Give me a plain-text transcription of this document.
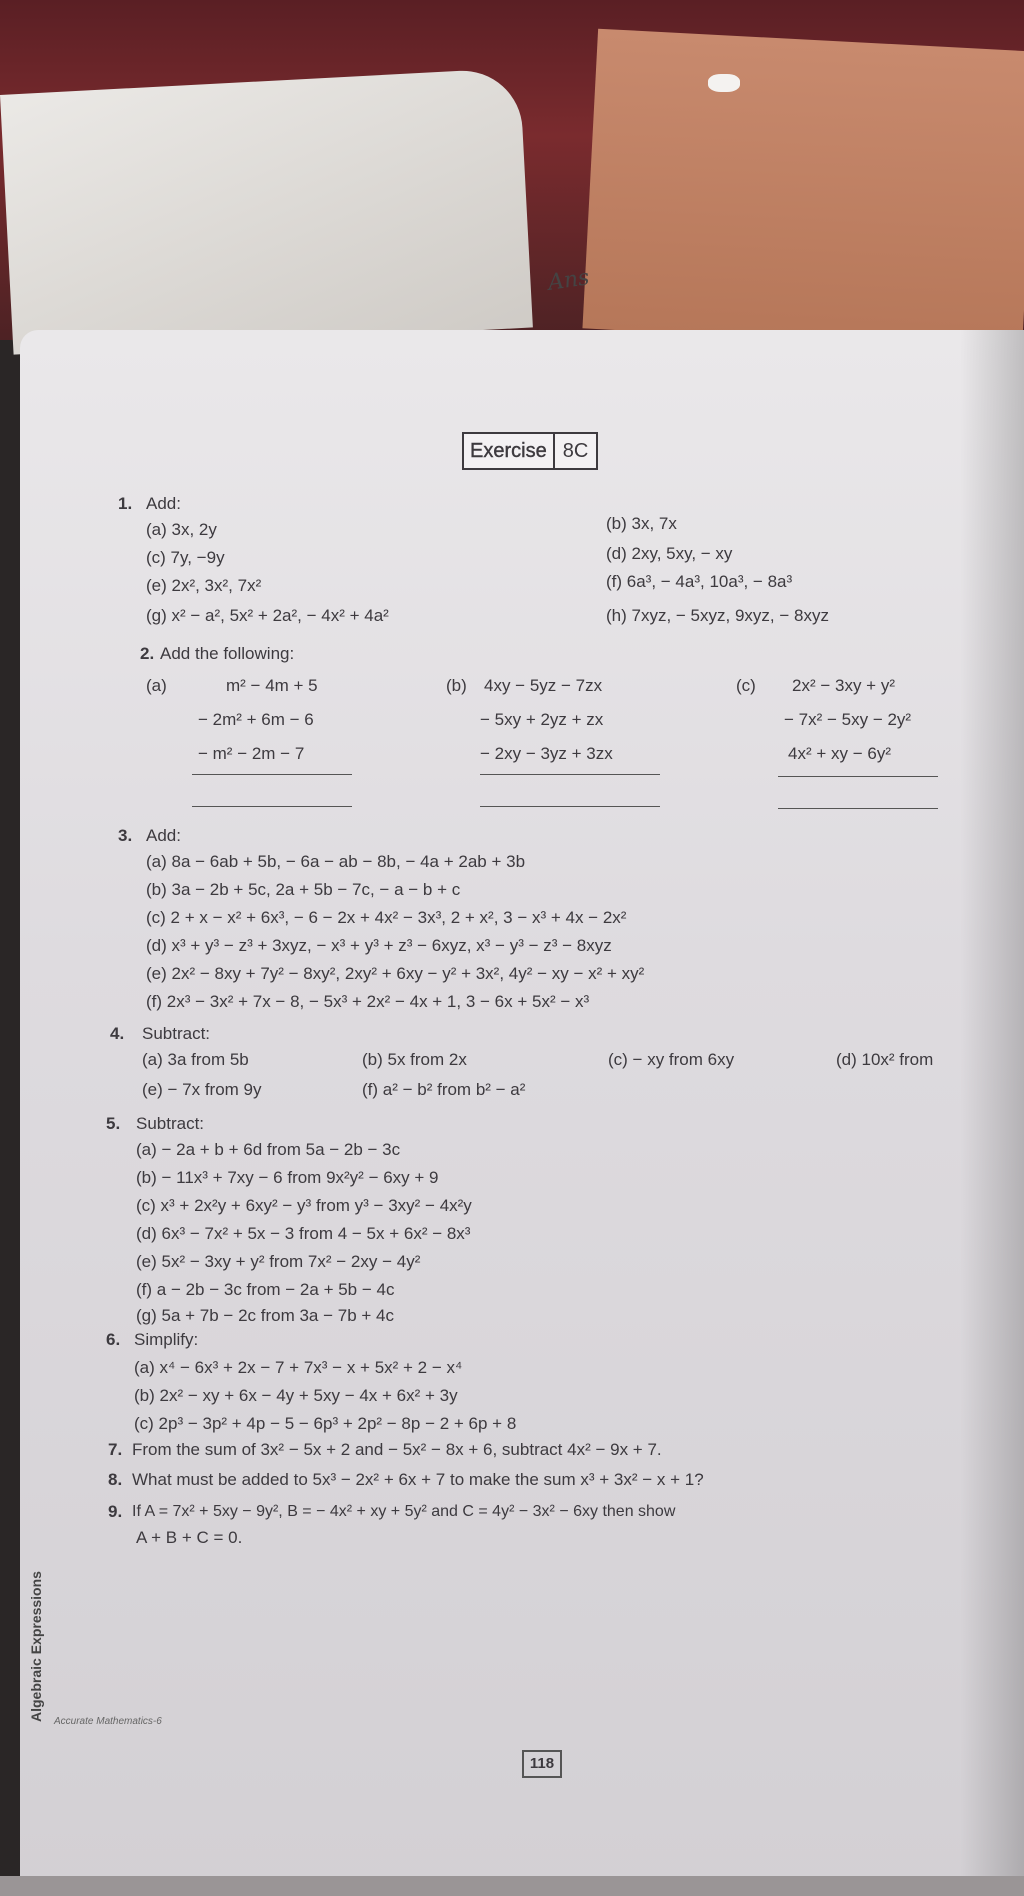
Ans
Exercise 8C
1. Add:
(a) 3x, 2y	(b) 3x, 7x
(c) 7y, −9y	(d) 2xy, 5xy, − xy
(e) 2x², 3x², 7x²	(f) 6a³, − 4a³, 10a³, − 8a³
(g) x² − a², 5x² + 2a², − 4x² + 4a²	(h) 7xyz, − 5xyz, 9xyz, − 8xyz
2. Add the following:
(a)	m² − 4m + 5
− 2m² + 6m − 6
− m² − 2m − 7
(b) 4xy − 5yz − 7zx
− 5xy + 2yz + zx
− 2xy − 3yz + 3zx
(c) 2x² − 3xy + y²
− 7x² − 5xy − 2y²
4x² + xy − 6y²
3. Add:
(a) 8a − 6ab + 5b, − 6a − ab − 8b, − 4a + 2ab + 3b
(b) 3a − 2b + 5c, 2a + 5b − 7c, − a − b + c
(c) 2 + x − x² + 6x³, − 6 − 2x + 4x² − 3x³, 2 + x², 3 − x³ + 4x − 2x²
(d) x³ + y³ − z³ + 3xyz, − x³ + y³ + z³ − 6xyz, x³ − y³ − z³ − 8xyz
(e) 2x² − 8xy + 7y² − 8xy², 2xy² + 6xy − y² + 3x², 4y² − xy − x² + xy²
(f) 2x³ − 3x² + 7x − 8, − 5x³ + 2x² − 4x + 1, 3 − 6x + 5x² − x³
4. Subtract:
(a) 3a from 5b	(b) 5x from 2x	(c) − xy from 6xy	(d) 10x² from
(e) − 7x from 9y	(f) a² − b² from b² − a²
5. Subtract:
(a) − 2a + b + 6d from 5a − 2b − 3c
(b) − 11x³ + 7xy − 6 from 9x²y² − 6xy + 9
(c) x³ + 2x²y + 6xy² − y³ from y³ − 3xy² − 4x²y
(d) 6x³ − 7x² + 5x − 3 from 4 − 5x + 6x² − 8x³
(e) 5x² − 3xy + y² from 7x² − 2xy − 4y²
(f) a − 2b − 3c from − 2a + 5b − 4c
(g) 5a + 7b − 2c from 3a − 7b + 4c
6. Simplify:
(a) x⁴ − 6x³ + 2x − 7 + 7x³ − x + 5x² + 2 − x⁴
(b) 2x² − xy + 6x − 4y + 5xy − 4x + 6x² + 3y
(c) 2p³ − 3p² + 4p − 5 − 6p³ + 2p² − 8p − 2 + 6p + 8
7. From the sum of 3x² − 5x + 2 and − 5x² − 8x + 6, subtract 4x² − 9x + 7.
8. What must be added to 5x³ − 2x² + 6x + 7 to make the sum x³ + 3x² − x + 1?
9. If A = 7x² + 5xy − 9y², B = − 4x² + xy + 5y² and C = 4y² − 3x² − 6xy then show
A + B + C = 0.
Algebraic Expressions Accurate Mathematics-6
118
